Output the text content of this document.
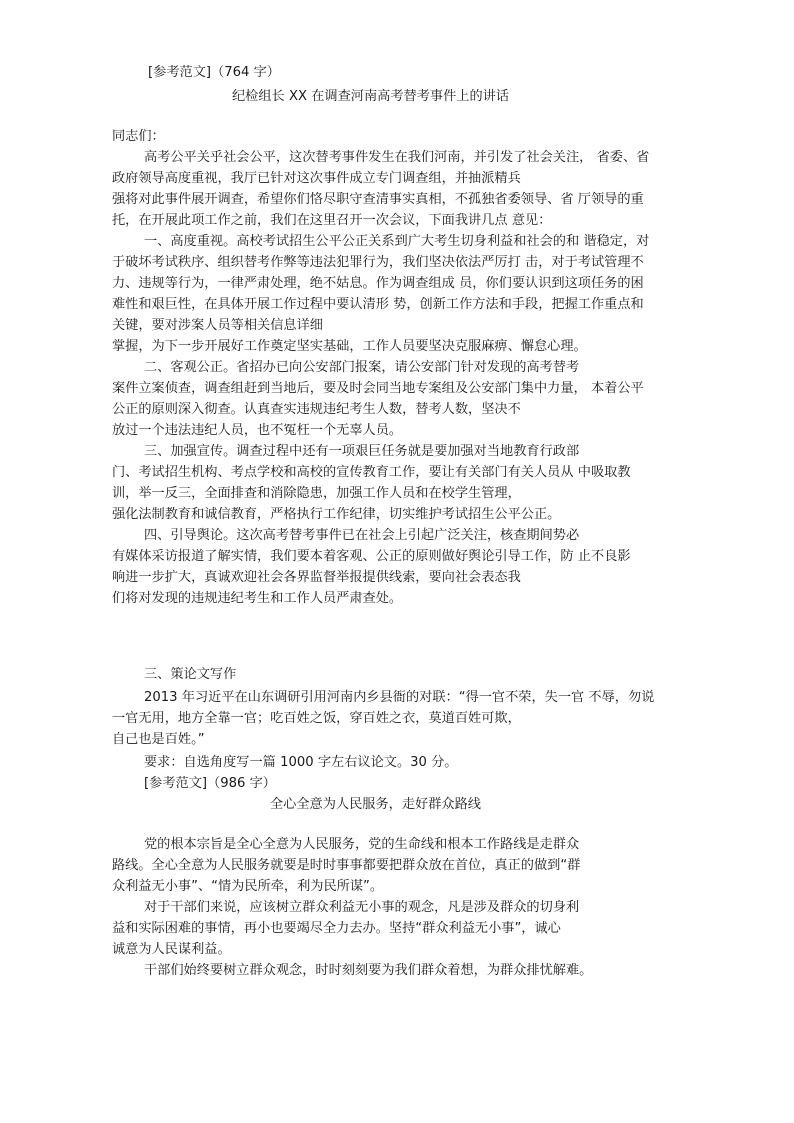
[参考范文]（764 字）
纪检组长 XX 在调查河南高考替考事件上的讲话
同志们：
高考公平关乎社会公平，这次替考事件发生在我们河南，并引发了社会关注， 省委、省
政府领导高度重视，我厅已针对这次事件成立专门调查组，并抽派精兵
强将对此事件展开调查，希望你们恪尽职守查清事实真相，不孤独省委领导、省 厅领导的重
托，在开展此项工作之前，我们在这里召开一次会议，下面我讲几点 意见：
一、高度重视。高校考试招生公平公正关系到广大考生切身利益和社会的和 谐稳定，对
于破坏考试秩序、组织替考作弊等违法犯罪行为，我们坚决依法严厉打 击，对于考试管理不
力、违规等行为，一律严肃处理，绝不姑息。作为调查组成 员，你们要认识到这项任务的困
难性和艰巨性，在具体开展工作过程中要认清形 势，创新工作方法和手段，把握工作重点和
关键，要对涉案人员等相关信息详细
掌握，为下一步开展好工作奠定坚实基础，工作人员要坚决克服麻痹、懈怠心理。
二、客观公正。省招办已向公安部门报案，请公安部门针对发现的高考替考
案件立案侦查，调查组赶到当地后，要及时会同当地专案组及公安部门集中力量， 本着公平
公正的原则深入彻查。认真查实违规违纪考生人数，替考人数，坚决不
放过一个违法违纪人员，也不冤枉一个无辜人员。
三、加强宣传。调查过程中还有一项艰巨任务就是要加强对当地教育行政部
门、考试招生机构、考点学校和高校的宣传教育工作，要让有关部门有关人员从 中吸取教
训，举一反三，全面排查和消除隐患，加强工作人员和在校学生管理，
强化法制教育和诚信教育，严格执行工作纪律，切实维护考试招生公平公正。
四、引导舆论。这次高考替考事件已在社会上引起广泛关注，核查期间势必
有媒体采访报道了解实情，我们要本着客观、公正的原则做好舆论引导工作，防 止不良影
响进一步扩大，真诚欢迎社会各界监督举报提供线索，要向社会表态我
们将对发现的违规违纪考生和工作人员严肃查处。
三、策论文写作
2013 年习近平在山东调研引用河南内乡县衙的对联：“得一官不荣，失一官 不辱，勿说
一官无用，地方全靠一官；吃百姓之饭，穿百姓之衣，莫道百姓可欺，
自己也是百姓。”
要求：自选角度写一篇 1000 字左右议论文。30 分。
[参考范文]（986 字）
全心全意为人民服务，走好群众路线
党的根本宗旨是全心全意为人民服务，党的生命线和根本工作路线是走群众
路线。全心全意为人民服务就要是时时事事都要把群众放在首位，真正的做到“群
众利益无小事”、“情为民所牵，利为民所谋”。
对于干部们来说，应该树立群众利益无小事的观念，凡是涉及群众的切身利
益和实际困难的事情，再小也要竭尽全力去办。坚持“群众利益无小事”，诚心
诚意为人民谋利益。
干部们始终要树立群众观念，时时刻刻要为我们群众着想，为群众排忧解难。
